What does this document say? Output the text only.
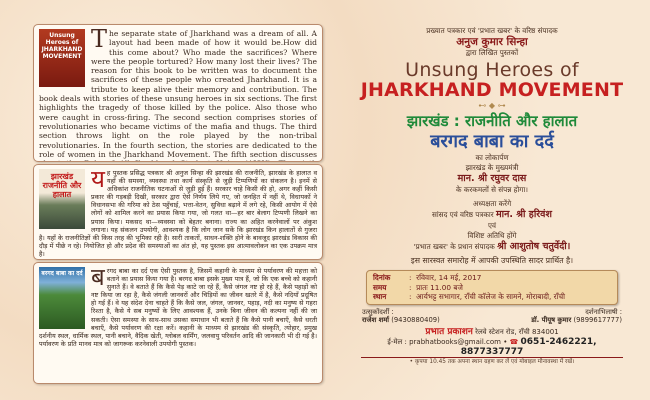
Unsung Heroes of JHARKHAND MOVEMENT
T he separate state of Jharkhand was a dream of all. A layout had been made of how it would be.How did this come about? Who made the sacrifices? Where were the people tortured? How many lost their lives? The reason for this book to be written was to document the sacrifices of these people who created Jharkhand. It is a tribute to keep alive their memory and contribution. The book deals with stories of these unsung heroes in six sections. The first highlights the tragedy of those killed by the police. Also those who were caught in cross-firing. The second section comprises stories of revolutionaries who became victims of the mafia and thugs. The third section throws light on the role played by the non-tribal revolutionaries. In the fourth section, the stories are dedicated to the role of women in the Jharkhand Movement. The fifth section discusses
झारखंड राजनीति और हालात
य ह पुस्तक प्रसिद्ध पत्रकार श्री अनुज सिन्हा की झारखंड की राजनीति, झारखंड के हालात व यहाँ की समस्या, व्यवस्था तथा कार्य संस्कृति से जुड़ी टिप्पणियों का संकलन है। इनमें से अधिकांश राजनीतिक घटनाओं से जुड़ी हुई हैं। सरकार चाहे किसी की हो, अगर कहीं किसी प्रकार की गड़बड़ी दिखी, सरकार द्वारा ऐसे निर्णय लिये गए, जो जनहित में नहीं थे, विधायकों ने विधानसभा की गरिमा को ठेस पहुँचाई, भत्ता-वेतन, सुविधा बढ़ाने में लगे रहे, किसी आयोग में ऐसे लोगों को शामिल करने का प्रयास किया गया, जो गलत था—हर बार बेलाग टिप्पणी लिखने का प्रयास किया। मकसद था—व्यवस्था को बेहतर बनाना। राज्य का अहित करनेवालों पर अंकुश लगाना। यह संकलन उपयोगी, आवश्यक है कि लोग जान सकें कि झारखंड किन हालातों से गुजरा है। यहाँ के राजनीतिज्ञों की किस तरह की भूमिका रही है। सारी ताकतों, साधन-शक्ति होने के बावजूद झारखंड विकास की दौड़ में पीछे न रहे। नियोजित हो और प्रदेश की समस्याओं का अंत हो, यह पुस्तक इस आत्मावलोकन का एक उपक्रम मात्र है।
बरगद बाबा का दर्द ब रगद बाबा का दर्द एक ऐसी पुस्तक है, जिसमें कहानी के माध्यम से पर्यावरण की महत्ता को बताने का प्रयास किया गया है। बरगद बाबा इसके मुख्य पात्र हैं, जो कि एक बच्चे को कहानी सुनाते हैं। वे बताते हैं कि कैसे पेड़ काटे जा रहे हैं, कैसे जंगल नष्ट हो रहे हैं, कैसे पहाड़ों को नष्ट किया जा रहा है, कैसे जंगली जानवरों और चिड़ियों का जीवन खतरे में है, कैसे नदियाँ प्रदूषित हो गई हैं। वे यह संदेश देना चाहते हैं कि कैसे जल, जंगल, जानवर, पहाड़, नदी का मनुष्य से गहरा रिश्ता है, कैसे ये सब मनुष्यों के लिए आवश्यक हैं, उनके बिना जीवन की कल्पना नहीं की जा सकती। ऐसा समस्या के साथ-साथ उसका समाधान भी बताते हैं कि कैसे पानी बचाएँ, कैसे धरती बचाएँ, कैसे पर्यावरण की रक्षा करें। कहानी के माध्यम से झारखंड की संस्कृति, त्योहार, प्रमुख दर्शनीय स्थल, धार्मिक स्थल, पानी बचाने, वैदिक खेती, ग्लोबल वार्मिंग, जलवायु परिवर्तन आदि की जानकारी भी दी गई है। पर्यावरण के प्रति मानव मात्र को जागरूक करनेवाली उपयोगी पुस्तक।
प्रख्यात पत्रकार एवं 'प्रभात खबर' के वरिष्ठ संपादक
अनुज कुमार सिन्हा
द्वारा लिखित पुस्तकों
Unsung Heroes of
JHARKHAND MOVEMENT
⊷ ◆ ⊶
झारखंड : राजनीति और हालात
बरगद बाबा का दर्द
का लोकार्पण
झारखंड के मुख्यमंत्री
मान. श्री रघुवर दास
के करकमलों से संपन्न होगा।
अध्यक्षता करेंगे
सांसद एवं वरिष्ठ पत्रकार मान. श्री हरिवंश
एवं
विशिष्ट अतिथि होंगे
'प्रभात खबर' के प्रधान संपादक श्री आशुतोष चतुर्वेदी।
इस सारस्वत समारोह में आपकी उपस्थिति सादर प्रार्थित है।
दिनांक	: रविवार, 14 मई, 2017
समय	: प्रातः 11.00 बजे
स्थान	: आर्यभट्ट सभागार, राँची कॉलेज के सामने, मोराबादी, राँची
उत्सुकोंदर्शी :
राजेश शर्मा (9430880409)
दर्शनाभिलाषी :
डॉ. पीयूष कुमार (9899617777)
प्रभात प्रकाशन रेलवे स्टेशन रोड, राँची 834001
ई-मेल : prabhatbooks@gmail.com • ☎ 0651-2462221, 8877337777
• कृपया 10.45 तक अपना स्थान ग्रहण कर लें एवं मोबाइल मौनावस्था में रखें।
